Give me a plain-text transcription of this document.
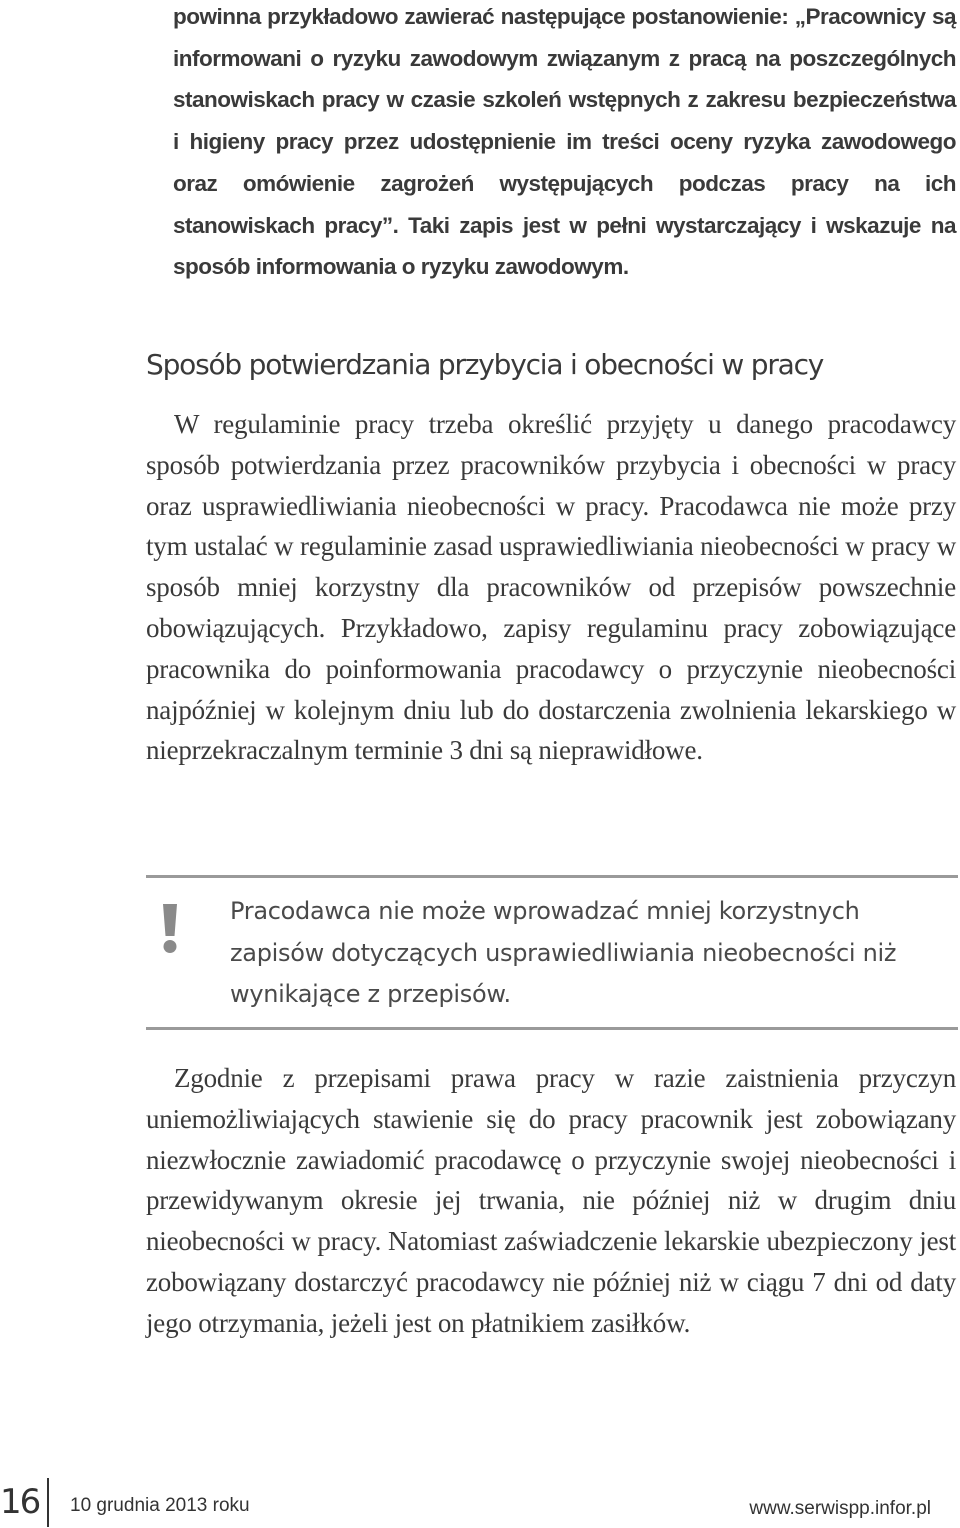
powinna przykładowo zawierać następujące postanowienie: „Pracownicy są informowani o ryzyku zawodowym związanym z pracą na poszczególnych stanowiskach pracy w czasie szkoleń wstępnych z zakresu bezpieczeństwa i higieny pracy przez udostępnienie im treści oceny ryzyka zawodowego oraz omówienie zagrożeń występujących podczas pracy na ich stanowiskach pracy”. Taki zapis jest w pełni wystarczający i wskazuje na sposób informowania o ryzyku zawodowym.
Sposób potwierdzania przybycia i obecności w pracy

W regulaminie pracy trzeba określić przyjęty u danego pracodawcy sposób potwierdzania przez pracowników przybycia i obecności w pracy oraz usprawiedliwiania nieobecności w pracy. Pracodawca nie może przy tym ustalać w regulaminie zasad usprawiedliwiania nieobecności w pracy w sposób mniej korzystny dla pracowników od przepisów powszechnie obowiązujących. Przykładowo, zapisy regulaminu pracy zobowiązujące pracownika do poinformowania pracodawcy o przyczynie nieobecności najpóźniej w kolejnym dniu lub do dostarczenia zwolnienia lekarskiego w nieprzekraczalnym terminie 3 dni są nieprawidłowe.

Pracodawca nie może wprowadzać mniej korzystnych zapisów dotyczących usprawiedliwiania nieobecności niż wynikające z przepisów.

Zgodnie z przepisami prawa pracy w razie zaistnienia przyczyn uniemożliwiających stawienie się do pracy pracownik jest zobowiązany niezwłocznie zawiadomić pracodawcę o przyczynie swojej nieobecności i przewidywanym okresie jej trwania, nie później niż w drugim dniu nieobecności w pracy. Natomiast zaświadczenie lekarskie ubezpieczony jest zobowiązany dostarczyć pracodawcy nie później niż w ciągu 7 dni od daty jego otrzymania, jeżeli jest on płatnikiem zasiłków.

16 10 grudnia 2013 roku	www.serwispp.infor.pl
